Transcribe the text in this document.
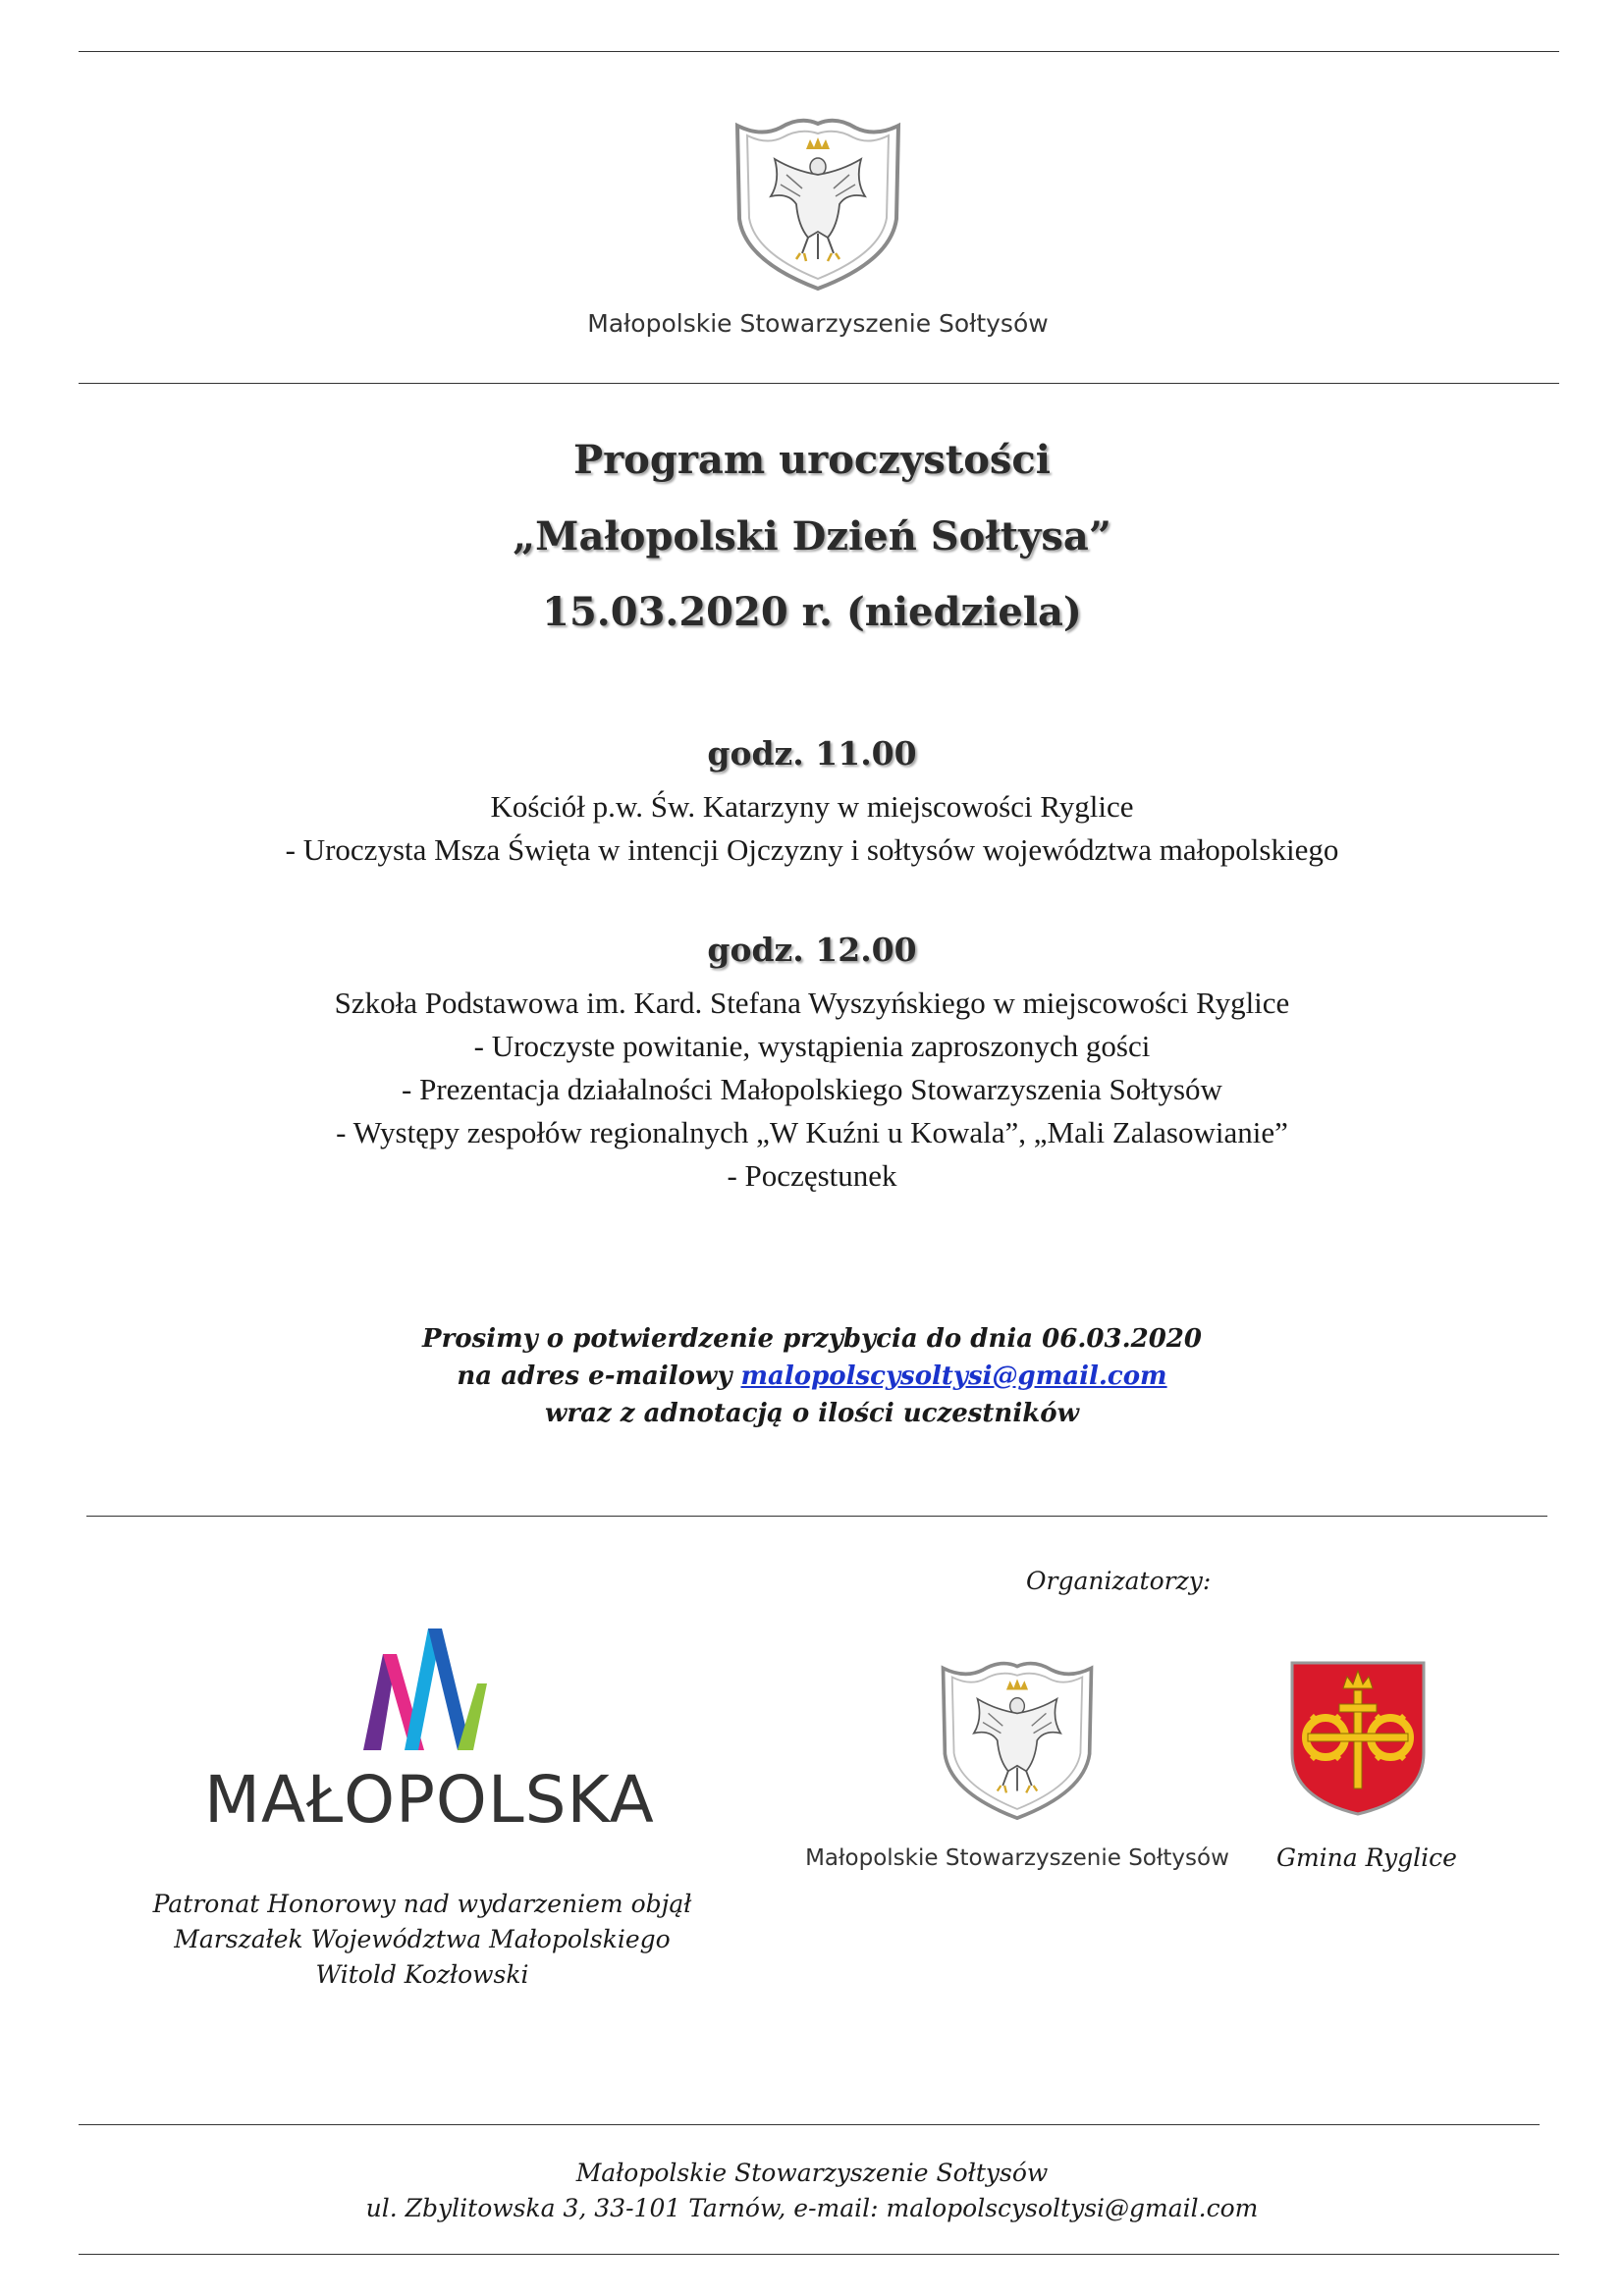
Małopolskie Stowarzyszenie Sołtysów
Program uroczystości
„Małopolski Dzień Sołtysa”
15.03.2020 r. (niedziela)
godz. 11.00
Kościół p.w. Św. Katarzyny w miejscowości Ryglice
- Uroczysta Msza Święta w intencji Ojczyzny i sołtysów województwa małopolskiego
godz. 12.00
Szkoła Podstawowa im. Kard. Stefana Wyszyńskiego w miejscowości Ryglice
- Uroczyste powitanie, wystąpienia zaproszonych gości
- Prezentacja działalności Małopolskiego Stowarzyszenia Sołtysów
- Występy zespołów regionalnych „W Kuźni u Kowala”, „Mali Zalasowianie”
- Poczęstunek
Prosimy o potwierdzenie przybycia do dnia 06.03.2020
na adres e-mailowy malopolscysoltysi@gmail.com
wraz z adnotacją o ilości uczestników
Organizatorzy:
MAŁOPOLSKA
Patronat Honorowy nad wydarzeniem objął
Marszałek Województwa Małopolskiego
Witold Kozłowski
Małopolskie Stowarzyszenie Sołtysów Gmina Ryglice
Małopolskie Stowarzyszenie Sołtysów
ul. Zbylitowska 3, 33-101 Tarnów, e-mail: malopolscysoltysi@gmail.com
